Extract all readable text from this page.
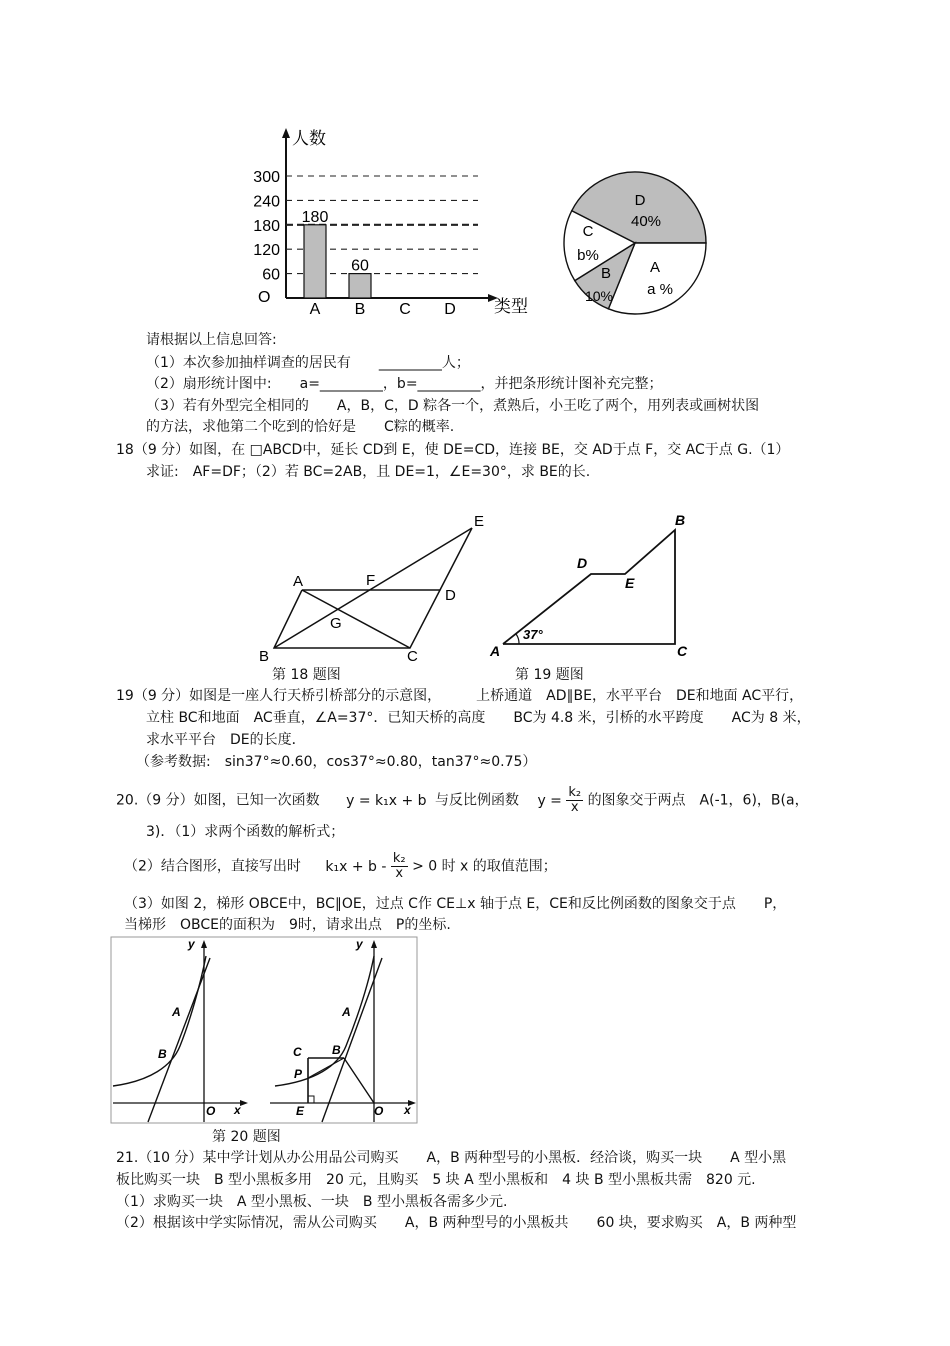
60
120
180
240
300
180
A
60
B C D
人数
类型
O
D
40%
C
b%
B
10%
A
a %
请根据以上信息回答:
（1）本次参加抽样调查的居民有　　_________人；
（2）扇形统计图中:　　a=_________，b=_________，并把条形统计图补充完整；
（3）若有外型完全相同的　　A，B，C，D 粽各一个，煮熟后，小王吃了两个，用列表或画树状图
的方法，求他第二个吃到的恰好是　　C粽的概率.
18（9 分）如图，在 □ABCD中，延长 CD到 E，使 DE=CD，连接 BE，交 AD于点 F，交 AC于点 G.（1）
求证:　AF=DF；（2）若 BC=2AB，且 DE=1，∠E=30°，求 BE的长.
E
A	F
D
G
B	C
第 18 题图
37°
A	C
B
D
E
第 19 题图
19（9 分）如图是一座人行天桥引桥部分的示意图，　　　上桥通道　AD∥BE，水平平台　DE和地面 AC平行，
立柱 BC和地面　AC垂直，∠A=37°．已知天桥的高度　　BC为 4.8 米，引桥的水平跨度　　AC为 8 米，
求水平平台　DE的长度．
（参考数据:　sin37°≈0.60，cos37°≈0.80，tan37°≈0.75）
20.（9 分）如图，已知一次函数 y = k₁x + b 与反比例函数 $y = \frac{\text{k₂}}{x}$ 的图象交于两点　A(-1，6)，B(a，
3)．（1）求两个函数的解析式；
（2）结合图形，直接写出时 $k_1x + b - \frac{\text{k₂}}{x} > 0$ 时 x 的取值范围；
（3）如图 2，梯形 OBCE中，BC∥OE，过点 C作 CE⊥x 轴于点 E，CE和反比例函数的图象交于点　　P，
当梯形　OBCE的面积为　9时，请求出点　P的坐标.
y
A
B
O x
y
A
B
C
P
E	O x
第 20 题图
21.（10 分）某中学计划从办公用品公司购买　　A，B 两种型号的小黑板．经洽谈，购买一块　　A 型小黑
板比购买一块　B 型小黑板多用　20 元，且购买　5 块 A 型小黑板和　4 块 B 型小黑板共需　820 元.
（1）求购买一块　A 型小黑板、一块　B 型小黑板各需多少元.
（2）根据该中学实际情况，需从公司购买　　A，B 两种型号的小黑板共　　60 块，要求购买　A，B 两种型
